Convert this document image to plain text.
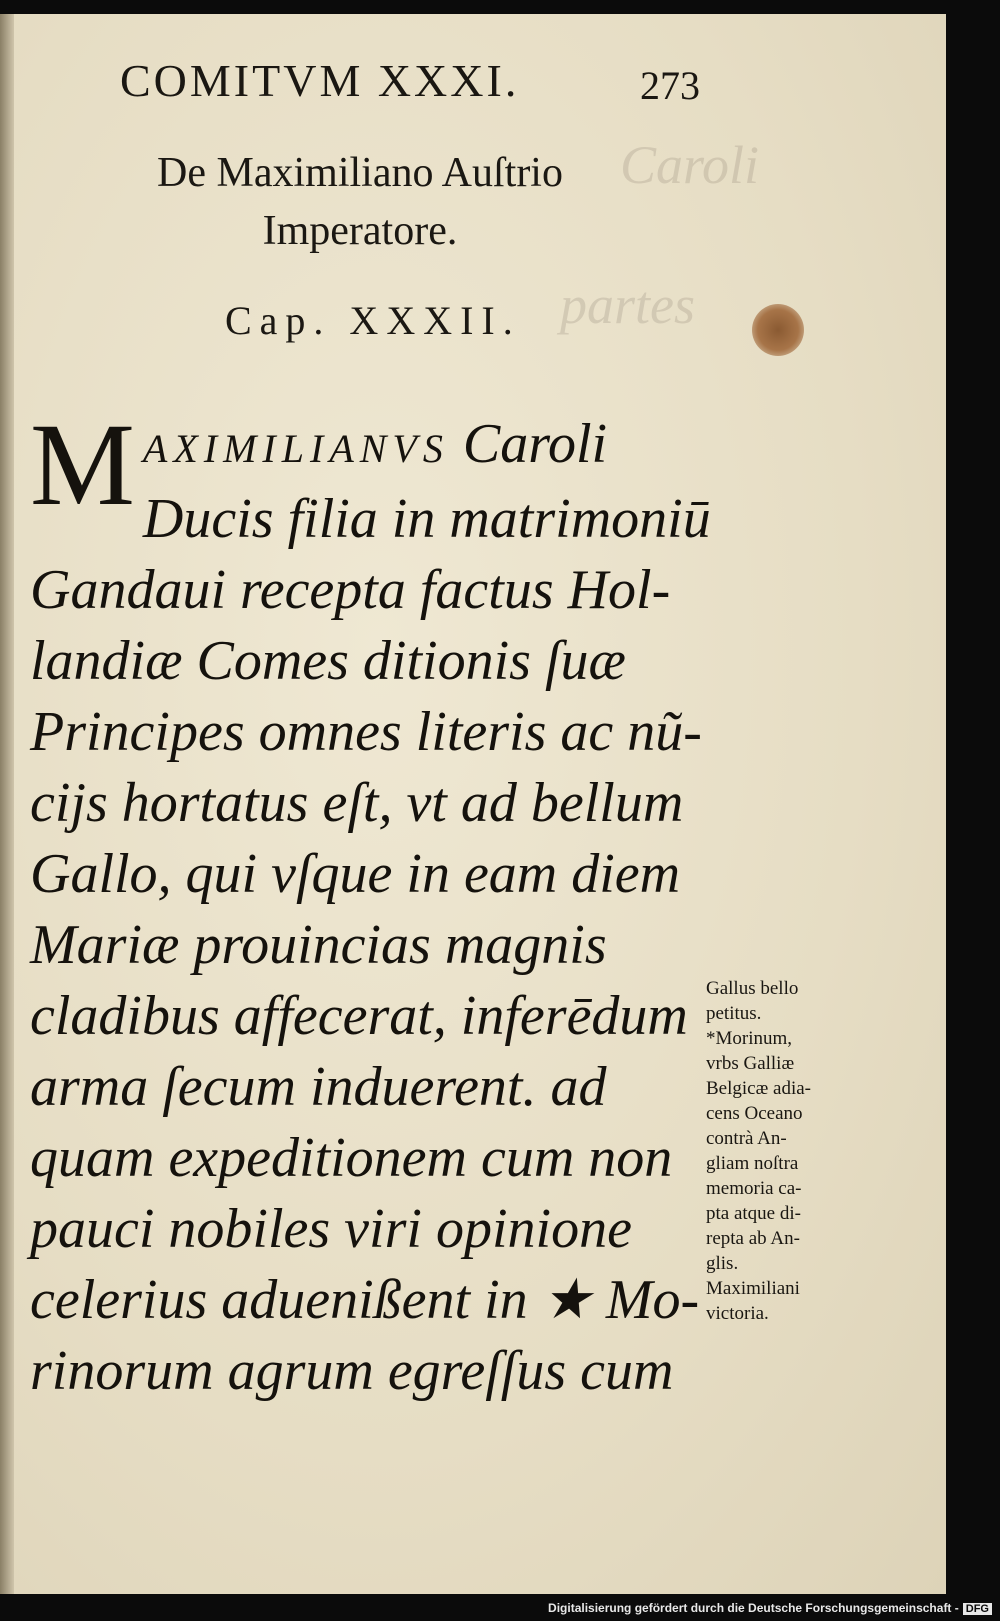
Caroli
partes
COMITVM XXXI.	273
De Maximiliano Auſtrio
Imperatore.
Cap. XXXII.
M AXIMILIANVS Caroli
Ducis filia in matrimoniū
Gandaui recepta factus Hol-
landiæ Comes ditionis ſuæ
Principes omnes literis ac nũ-
cijs hortatus eſt, vt ad bellum
Gallo, qui vſque in eam diem
Mariæ prouincias magnis
cladibus affecerat, inferēdum
arma ſecum induerent. ad
quam expeditionem cum non
pauci nobiles viri opinione
celerius aduenißent in ★ Mo-
rinorum agrum egreſſus cum
Gallus bello
petitus.
*Morinum,
vrbs Galliæ
Belgicæ adia-
cens Oceano
contrà An-
gliam noſtra
memoria ca-
pta atque di-
repta ab An-
glis.
Maximiliani
victoria.
Digitalisierung gefördert durch die Deutsche Forschungsgemeinschaft - DFG
